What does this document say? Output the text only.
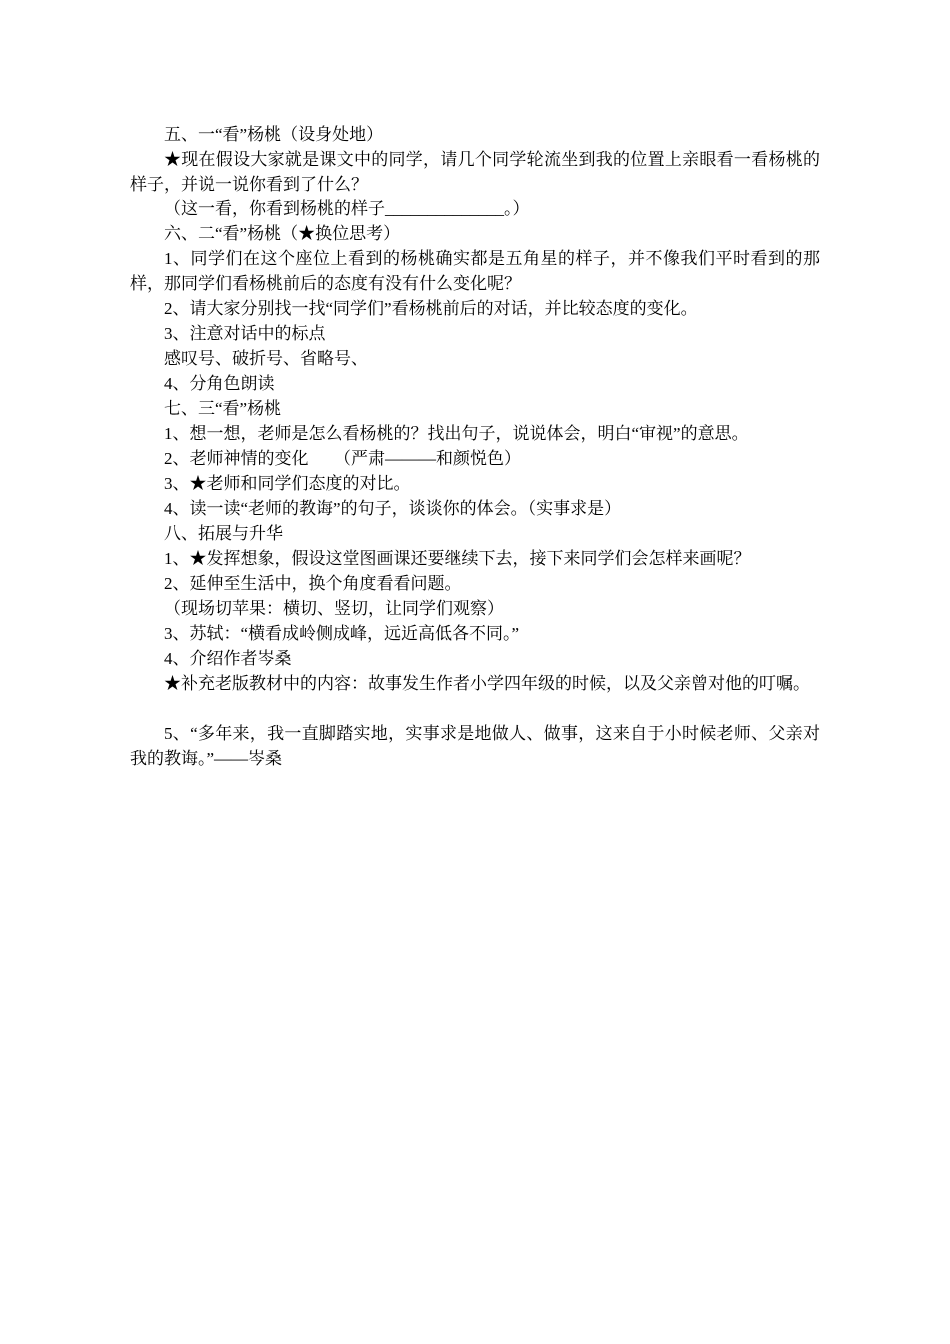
五、一“看”杨桃（设身处地）

★现在假设大家就是课文中的同学，请几个同学轮流坐到我的位置上亲眼看一看杨桃的样子，并说一说你看到了什么？

（这一看，你看到杨桃的样子______________。）

六、二“看”杨桃（★换位思考）

1、同学们在这个座位上看到的杨桃确实都是五角星的样子，并不像我们平时看到的那样，那同学们看杨桃前后的态度有没有什么变化呢？

2、请大家分别找一找“同学们”看杨桃前后的对话，并比较态度的变化。

3、注意对话中的标点

感叹号、破折号、省略号、

4、分角色朗读

七、三“看”杨桃

1、想一想，老师是怎么看杨桃的？找出句子，说说体会，明白“审视”的意思。

2、老师神情的变化　　（严肃———和颜悦色）

3、★老师和同学们态度的对比。

4、读一读“老师的教诲”的句子，谈谈你的体会。（实事求是）

八、拓展与升华

1、★发挥想象，假设这堂图画课还要继续下去，接下来同学们会怎样来画呢？

2、延伸至生活中，换个角度看看问题。

（现场切苹果：横切、竖切，让同学们观察）

3、苏轼：“横看成岭侧成峰，远近高低各不同。”

4、介绍作者岑桑

★补充老版教材中的内容：故事发生作者小学四年级的时候，以及父亲曾对他的叮嘱。

5、“多年来，我一直脚踏实地，实事求是地做人、做事，这来自于小时候老师、父亲对我的教诲。”——岑桑
